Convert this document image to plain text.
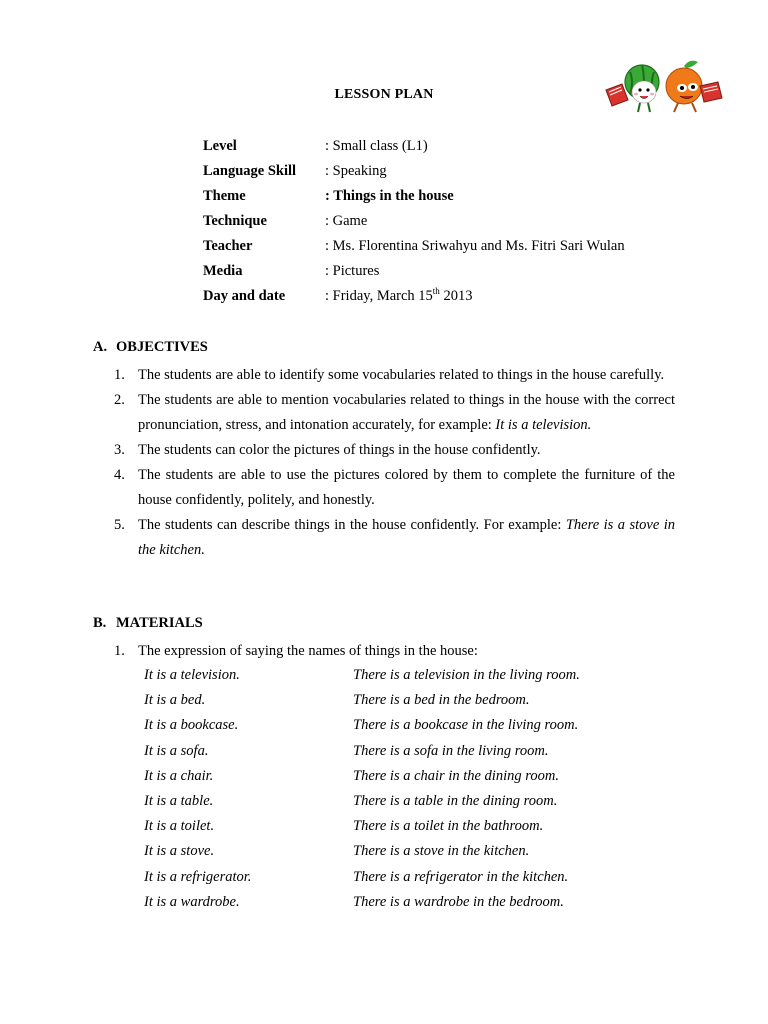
LESSON PLAN
Level	: Small class (L1)
Language Skill : Speaking
Theme	: Things in the house
Technique	: Game
Teacher	: Ms. Florentina Sriwahyu and Ms. Fitri Sari Wulan
Media	: Pictures
Day and date	: Friday, March 15th 2013
A. OBJECTIVES
1. The students are able to identify some vocabularies related to things in the house carefully.
2. The students are able to mention vocabularies related to things in the house with the correct pronunciation, stress, and intonation accurately, for example: It is a television.
3. The students can color the pictures of things in the house confidently.
4. The students are able to use the pictures colored by them to complete the furniture of the house confidently, politely, and honestly.
5. The students can describe things in the house confidently. For example: There is a stove in the kitchen.
B. MATERIALS
1. The expression of saying the names of things in the house:
It is a television.	There is a television in the living room.
It is a bed.	There is a bed in the bedroom.
It is a bookcase.	There is a bookcase in the living room.
It is a sofa.	There is a sofa in the living room.
It is a chair.	There is a chair in the dining room.
It is a table.	There is a table in the dining room.
It is a toilet.	There is a toilet in the bathroom.
It is a stove.	There is a stove in the kitchen.
It is a refrigerator.	There is a refrigerator in the kitchen.
It is a wardrobe.	There is a wardrobe in the bedroom.
